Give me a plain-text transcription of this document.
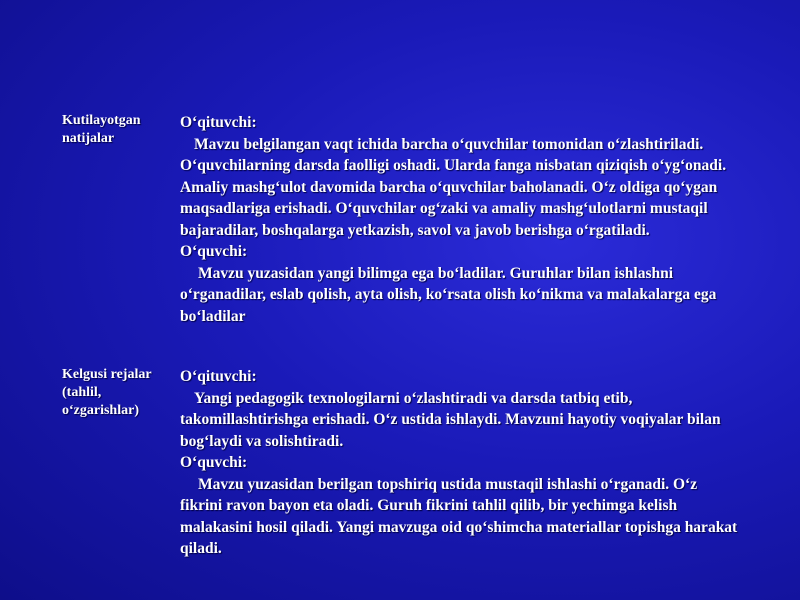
Kutilayotgan natijalar

O‘qituvchi:

Mavzu belgilangan vaqt ichida barcha o‘quvchilar tomonidan o‘zlashtiriladi. O‘quvchilarning darsda faolligi oshadi. Ularda fanga nisbatan qiziqish o‘yg‘onadi. Amaliy mashg‘ulot davomida barcha o‘quvchilar baholanadi. O‘z oldiga qo‘ygan maqsadlariga erishadi. O‘quvchilar og‘zaki va amaliy mashg‘ulotlarni mustaqil bajaradilar, boshqalarga yetkazish, savol va javob berishga o‘rgatiladi.

O‘quvchi:

Mavzu yuzasidan yangi bilimga ega bo‘ladilar. Guruhlar bilan ishlashni o‘rganadilar, eslab qolish, ayta olish, ko‘rsata olish ko‘nikma va malakalarga ega bo‘ladilar

Kelgusi rejalar (tahlil, o‘zgarishlar)

O‘qituvchi:

Yangi pedagogik texnologilarni o‘zlashtiradi va darsda tatbiq etib, takomillashtirishga erishadi. O‘z ustida ishlaydi. Mavzuni hayotiy voqiyalar bilan bog‘laydi va solishtiradi.

O‘quvchi:

Mavzu yuzasidan berilgan topshiriq ustida mustaqil ishlashi o‘rganadi. O‘z fikrini ravon bayon eta oladi. Guruh fikrini tahlil qilib, bir yechimga kelish malakasini hosil qiladi. Yangi mavzuga oid qo‘shimcha materiallar topishga harakat qiladi.
